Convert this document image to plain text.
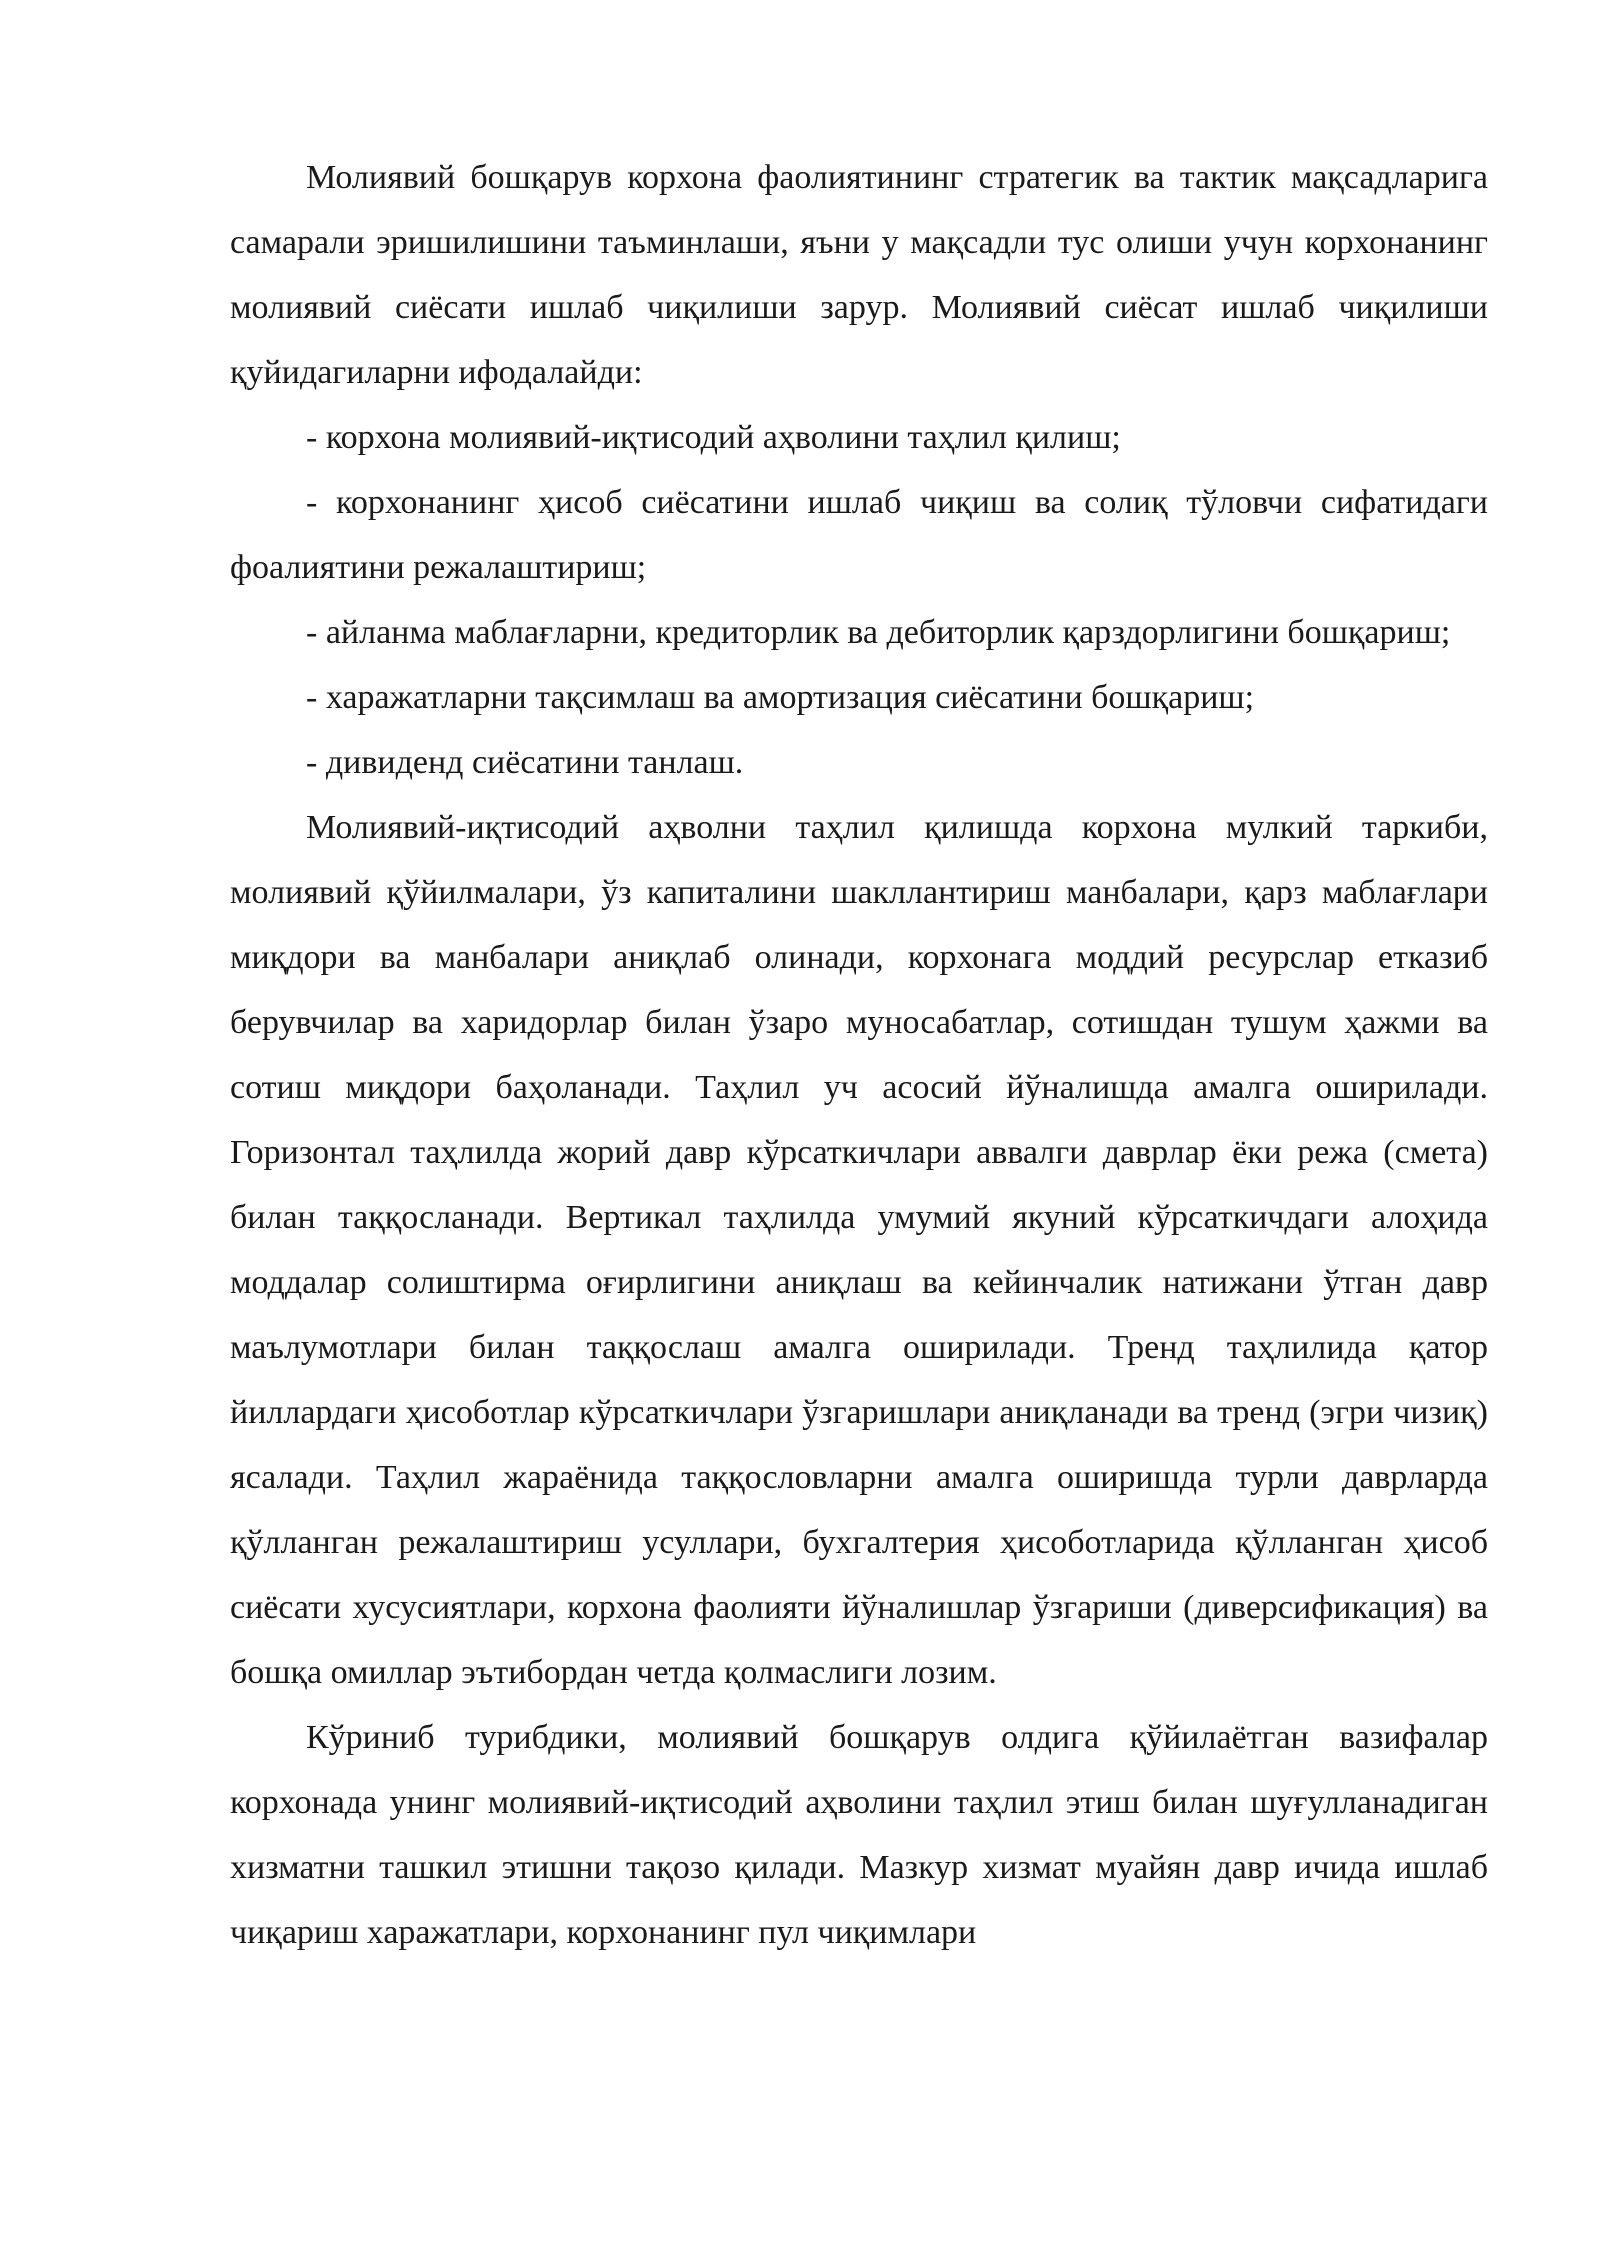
Молиявий бошқарув корхона фаолиятининг стратегик ва тактик мақсадларига самарали эришилишини таъминлаши, яъни у мақсадли тус олиши учун корхонанинг молиявий сиёсати ишлаб чиқилиши зарур. Молиявий сиёсат ишлаб чиқилиши қуйидагиларни ифодалайди:

- корхона молиявий-иқтисодий аҳволини таҳлил қилиш;

- корхонанинг ҳисоб сиёсатини ишлаб чиқиш ва солиқ тўловчи сифатидаги фоалиятини режалаштириш;

- айланма маблағларни, кредиторлик ва дебиторлик қарздорлигини бошқариш;

- харажатларни тақсимлаш ва амортизация сиёсатини бошқариш;

- дивиденд сиёсатини танлаш.

Молиявий-иқтисодий аҳволни таҳлил қилишда корхона мулкий таркиби, молиявий қўйилмалари, ўз капиталини шакллантириш манбалари, қарз маблағлари миқдори ва манбалари аниқлаб олинади, корхонага моддий ресурслар етказиб берувчилар ва харидорлар билан ўзаро муносабатлар, сотишдан тушум ҳажми ва сотиш миқдори баҳоланади. Таҳлил уч асосий йўналишда амалга оширилади. Горизонтал таҳлилда жорий давр кўрсаткичлари аввалги даврлар ёки режа (смета) билан таққосланади. Вертикал таҳлилда умумий якуний кўрсаткичдаги алоҳида моддалар солиштирма оғирлигини аниқлаш ва кейинчалик натижани ўтган давр маълумотлари билан таққослаш амалга оширилади. Тренд таҳлилида қатор йиллардаги ҳисоботлар кўрсаткичлари ўзгаришлари аниқланади ва тренд (эгри чизиқ) ясалади. Таҳлил жараёнида таққословларни амалга оширишда турли даврларда қўлланган режалаштириш усуллари, бухгалтерия ҳисоботларида қўлланган ҳисоб сиёсати хусусиятлари, корхона фаолияти йўналишлар ўзгариши (диверсификация) ва бошқа омиллар эътибордан четда қолмаслиги лозим.

Кўриниб турибдики, молиявий бошқарув олдига қўйилаётган вазифалар корхонада унинг молиявий-иқтисодий аҳволини таҳлил этиш билан шуғулланадиган хизматни ташкил этишни тақозо қилади. Мазкур хизмат муайян давр ичида ишлаб чиқариш харажатлари, корхонанинг пул чиқимлари
